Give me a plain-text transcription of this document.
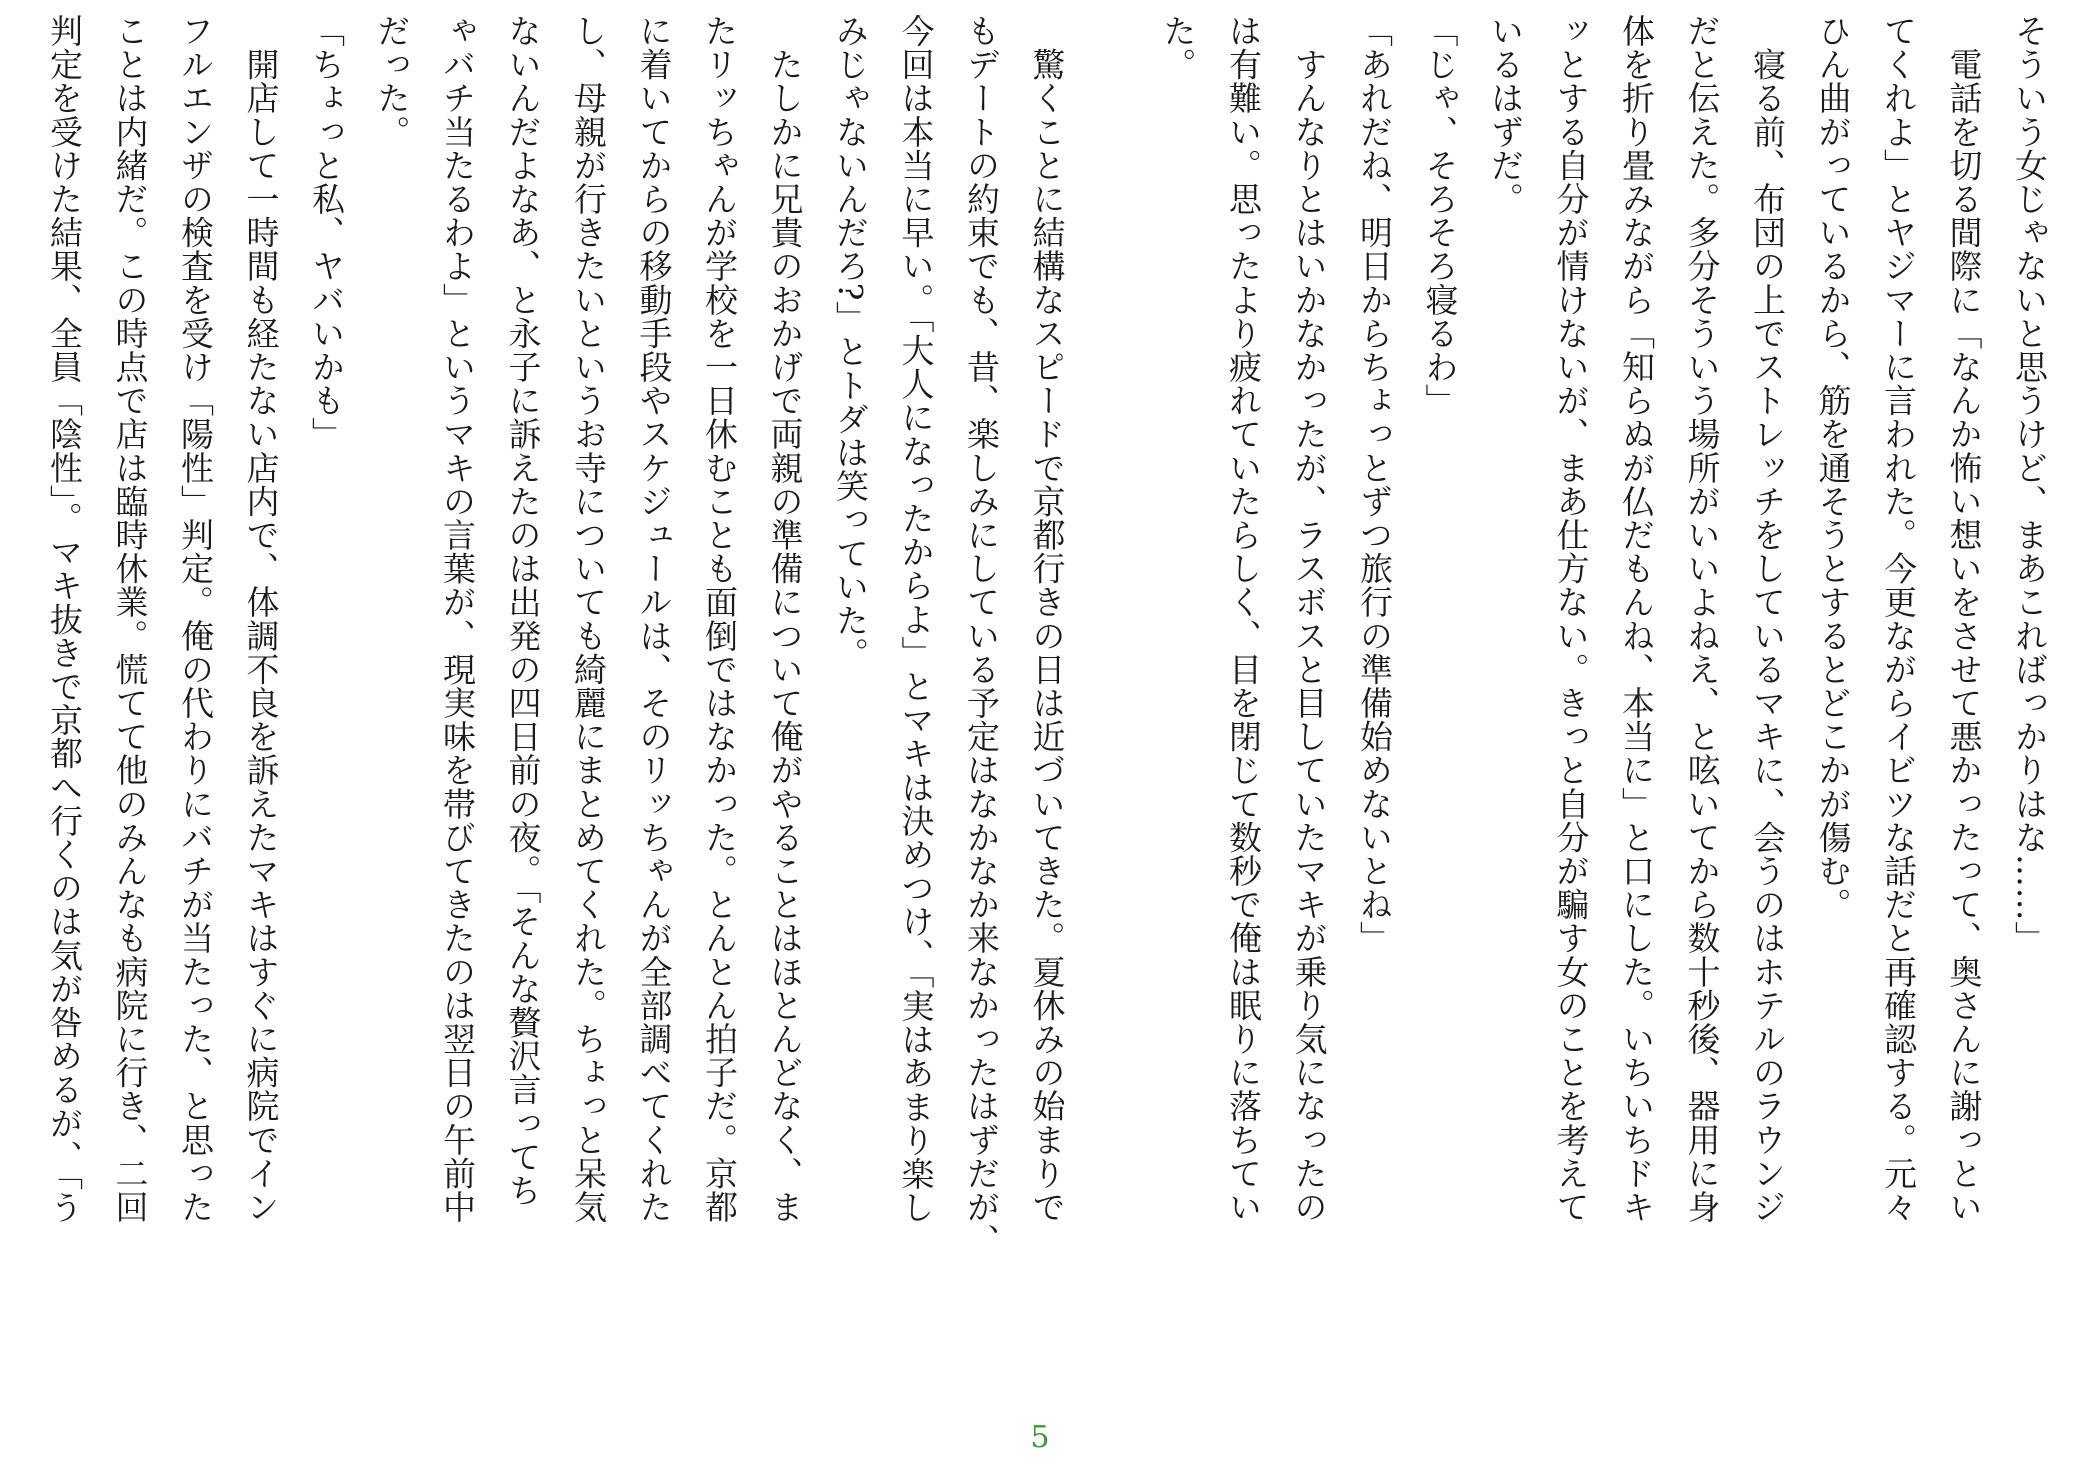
そういう女じゃないと思うけど、まあこればっかりはな……」
　電話を切る間際に「なんか怖い想いをさせて悪かったって、奥さんに謝っとい
てくれよ」とヤジマーに言われた。今更ながらイビツな話だと再確認する。元々
ひん曲がっているから、筋を通そうとするとどこかが傷む。
　寝る前、布団の上でストレッチをしているマキに、会うのはホテルのラウンジ
だと伝えた。多分そういう場所がいいよねえ、と呟いてから数十秒後、器用に身
体を折り畳みながら「知らぬが仏だもんね、本当に」と口にした。いちいちドキ
ッとする自分が情けないが、まあ仕方ない。きっと自分が騙す女のことを考えて
いるはずだ。
「じゃ、そろそろ寝るわ」
「あれだね、明日からちょっとずつ旅行の準備始めないとね」
　すんなりとはいかなかったが、ラスボスと目していたマキが乗り気になったの
は有難い。思ったより疲れていたらしく、目を閉じて数秒で俺は眠りに落ちてい
た。
　驚くことに結構なスピードで京都行きの日は近づいてきた。夏休みの始まりで
もデートの約束でも、昔、楽しみにしている予定はなかなか来なかったはずだが、
今回は本当に早い。「大人になったからよ」とマキは決めつけ、「実はあまり楽し
みじゃないんだろ?」とトダは笑っていた。
　たしかに兄貴のおかげで両親の準備について俺がやることはほとんどなく、ま
たリッちゃんが学校を一日休むことも面倒ではなかった。とんとん拍子だ。京都
に着いてからの移動手段やスケジュールは、そのリッちゃんが全部調べてくれた
し、母親が行きたいというお寺についても綺麗にまとめてくれた。ちょっと呆気
ないんだよなあ、と永子に訴えたのは出発の四日前の夜。「そんな贅沢言ってち
ゃバチ当たるわよ」というマキの言葉が、現実味を帯びてきたのは翌日の午前中
だった。
「ちょっと私、ヤバいかも」
　開店して一時間も経たない店内で、体調不良を訴えたマキはすぐに病院でイン
フルエンザの検査を受け「陽性」判定。俺の代わりにバチが当たった、と思った
ことは内緒だ。この時点で店は臨時休業。慌てて他のみんなも病院に行き、二回
判定を受けた結果、全員「陰性」。マキ抜きで京都へ行くのは気が咎めるが、「う
5
